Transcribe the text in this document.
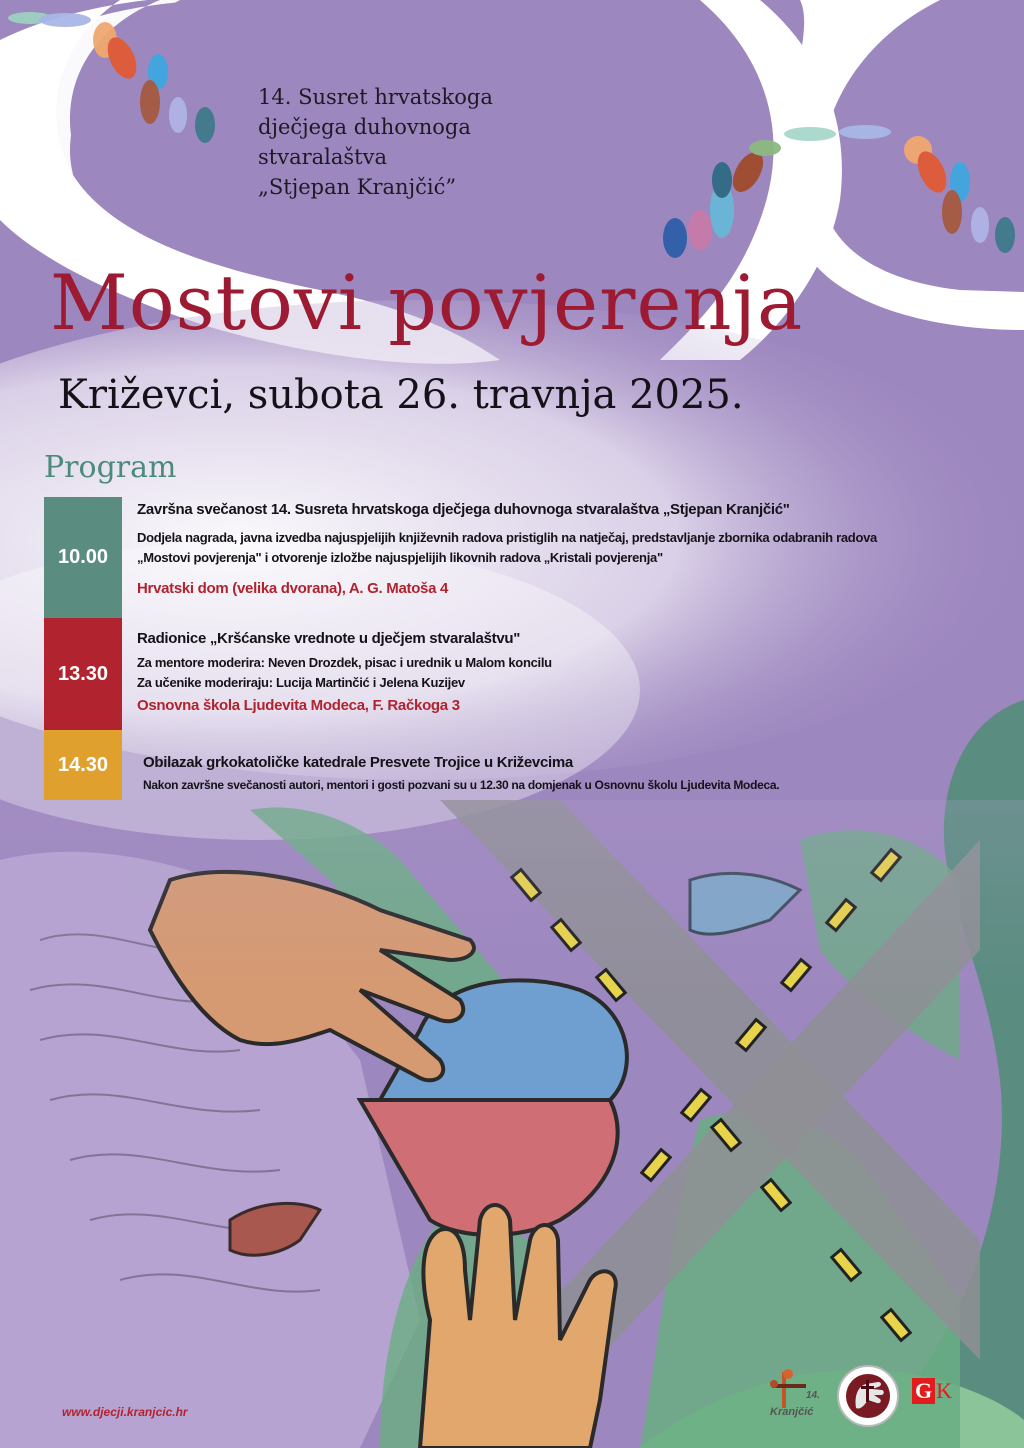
14. Susret hrvatskoga
dječjega duhovnoga
stvaralaštva
„Stjepan Kranjčić”
Mostovi povjerenja
Križevci, subota 26. travnja 2025.
Program
10.00
13.30
14.30
Završna svečanost 14. Susreta hrvatskoga dječjega duhovnoga stvaralaštva „Stjepan Kranjčić"
Dodjela nagrada, javna izvedba najuspjelijih književnih radova pristiglih na natječaj, predstavljanje zbornika odabranih radova
„Mostovi povjerenja" i otvorenje izložbe najuspjelijih likovnih radova „Kristali povjerenja"
Hrvatski dom (velika dvorana), A. G. Matoša 4
Radionice „Kršćanske vrednote u dječjem stvaralaštvu"
Za mentore moderira: Neven Drozdek, pisac i urednik u Malom koncilu
Za učenike moderiraju: Lucija Martinčić i Jelena Kuzijev
Osnovna škola Ljudevita Modeca, F. Račkoga 3
Obilazak grkokatoličke katedrale Presvete Trojice u Križevcima
Nakon završne svečanosti autori, mentori i gosti pozvani su u 12.30 na domjenak u Osnovnu školu Ljudevita Modeca.
www.djecji.kranjcic.hr
14.
Kranjčić
G K
